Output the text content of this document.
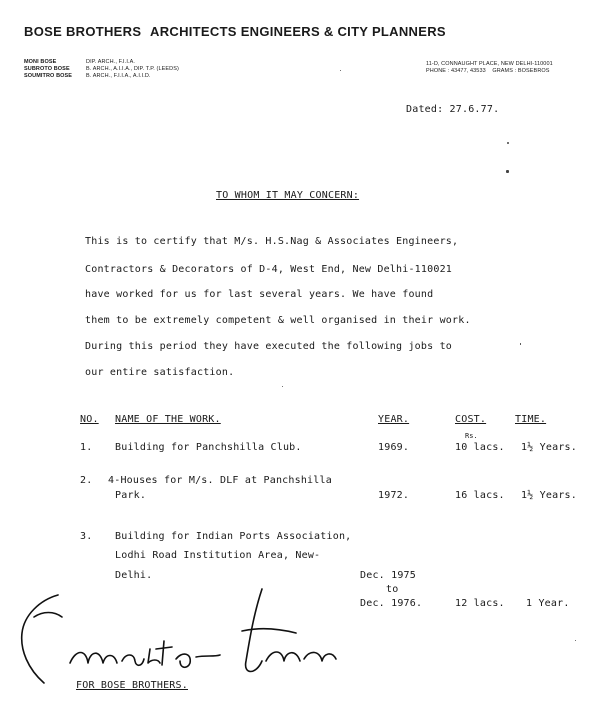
BOSE BROTHERS ARCHITECTS ENGINEERS & CITY PLANNERS
MONI BOSE	DIP. ARCH., F.I.I.A.
SUBROTO BOSE	B. ARCH., A.I.I.A., DIP. T.P. (LEEDS)
SOUMITRO BOSE	B. ARCH., F.I.I.A., A.I.I.D.
11-D, CONNAUGHT PLACE, NEW DELHI-110001
PHONE : 43477, 43533 GRAMS : BOSEBROS
Dated: 27.6.77.
TO WHOM IT MAY CONCERN:
This is to certify that M/s. H.S.Nag & Associates Engineers,
Contractors & Decorators of D-4, West End, New Delhi-110021
have worked for us for last several years. We have found
them to be extremely competent & well organised in their work.
During this period they have executed the following jobs to
our entire satisfaction.
NO. NAME OF THE WORK.	YEAR.	COST.	TIME.
Rs.
1. Building for Panchshilla Club.	1969.	10 lacs. 1½ Years.
2. 4-Houses for M/s. DLF at Panchshilla
Park.	1972.	16 lacs. 1½ Years.
3. Building for Indian Ports Association,
Lodhi Road Institution Area, New-
Delhi.	Dec. 1975
to
Dec. 1976.	12 lacs. 1 Year.
FOR BOSE BROTHERS.
